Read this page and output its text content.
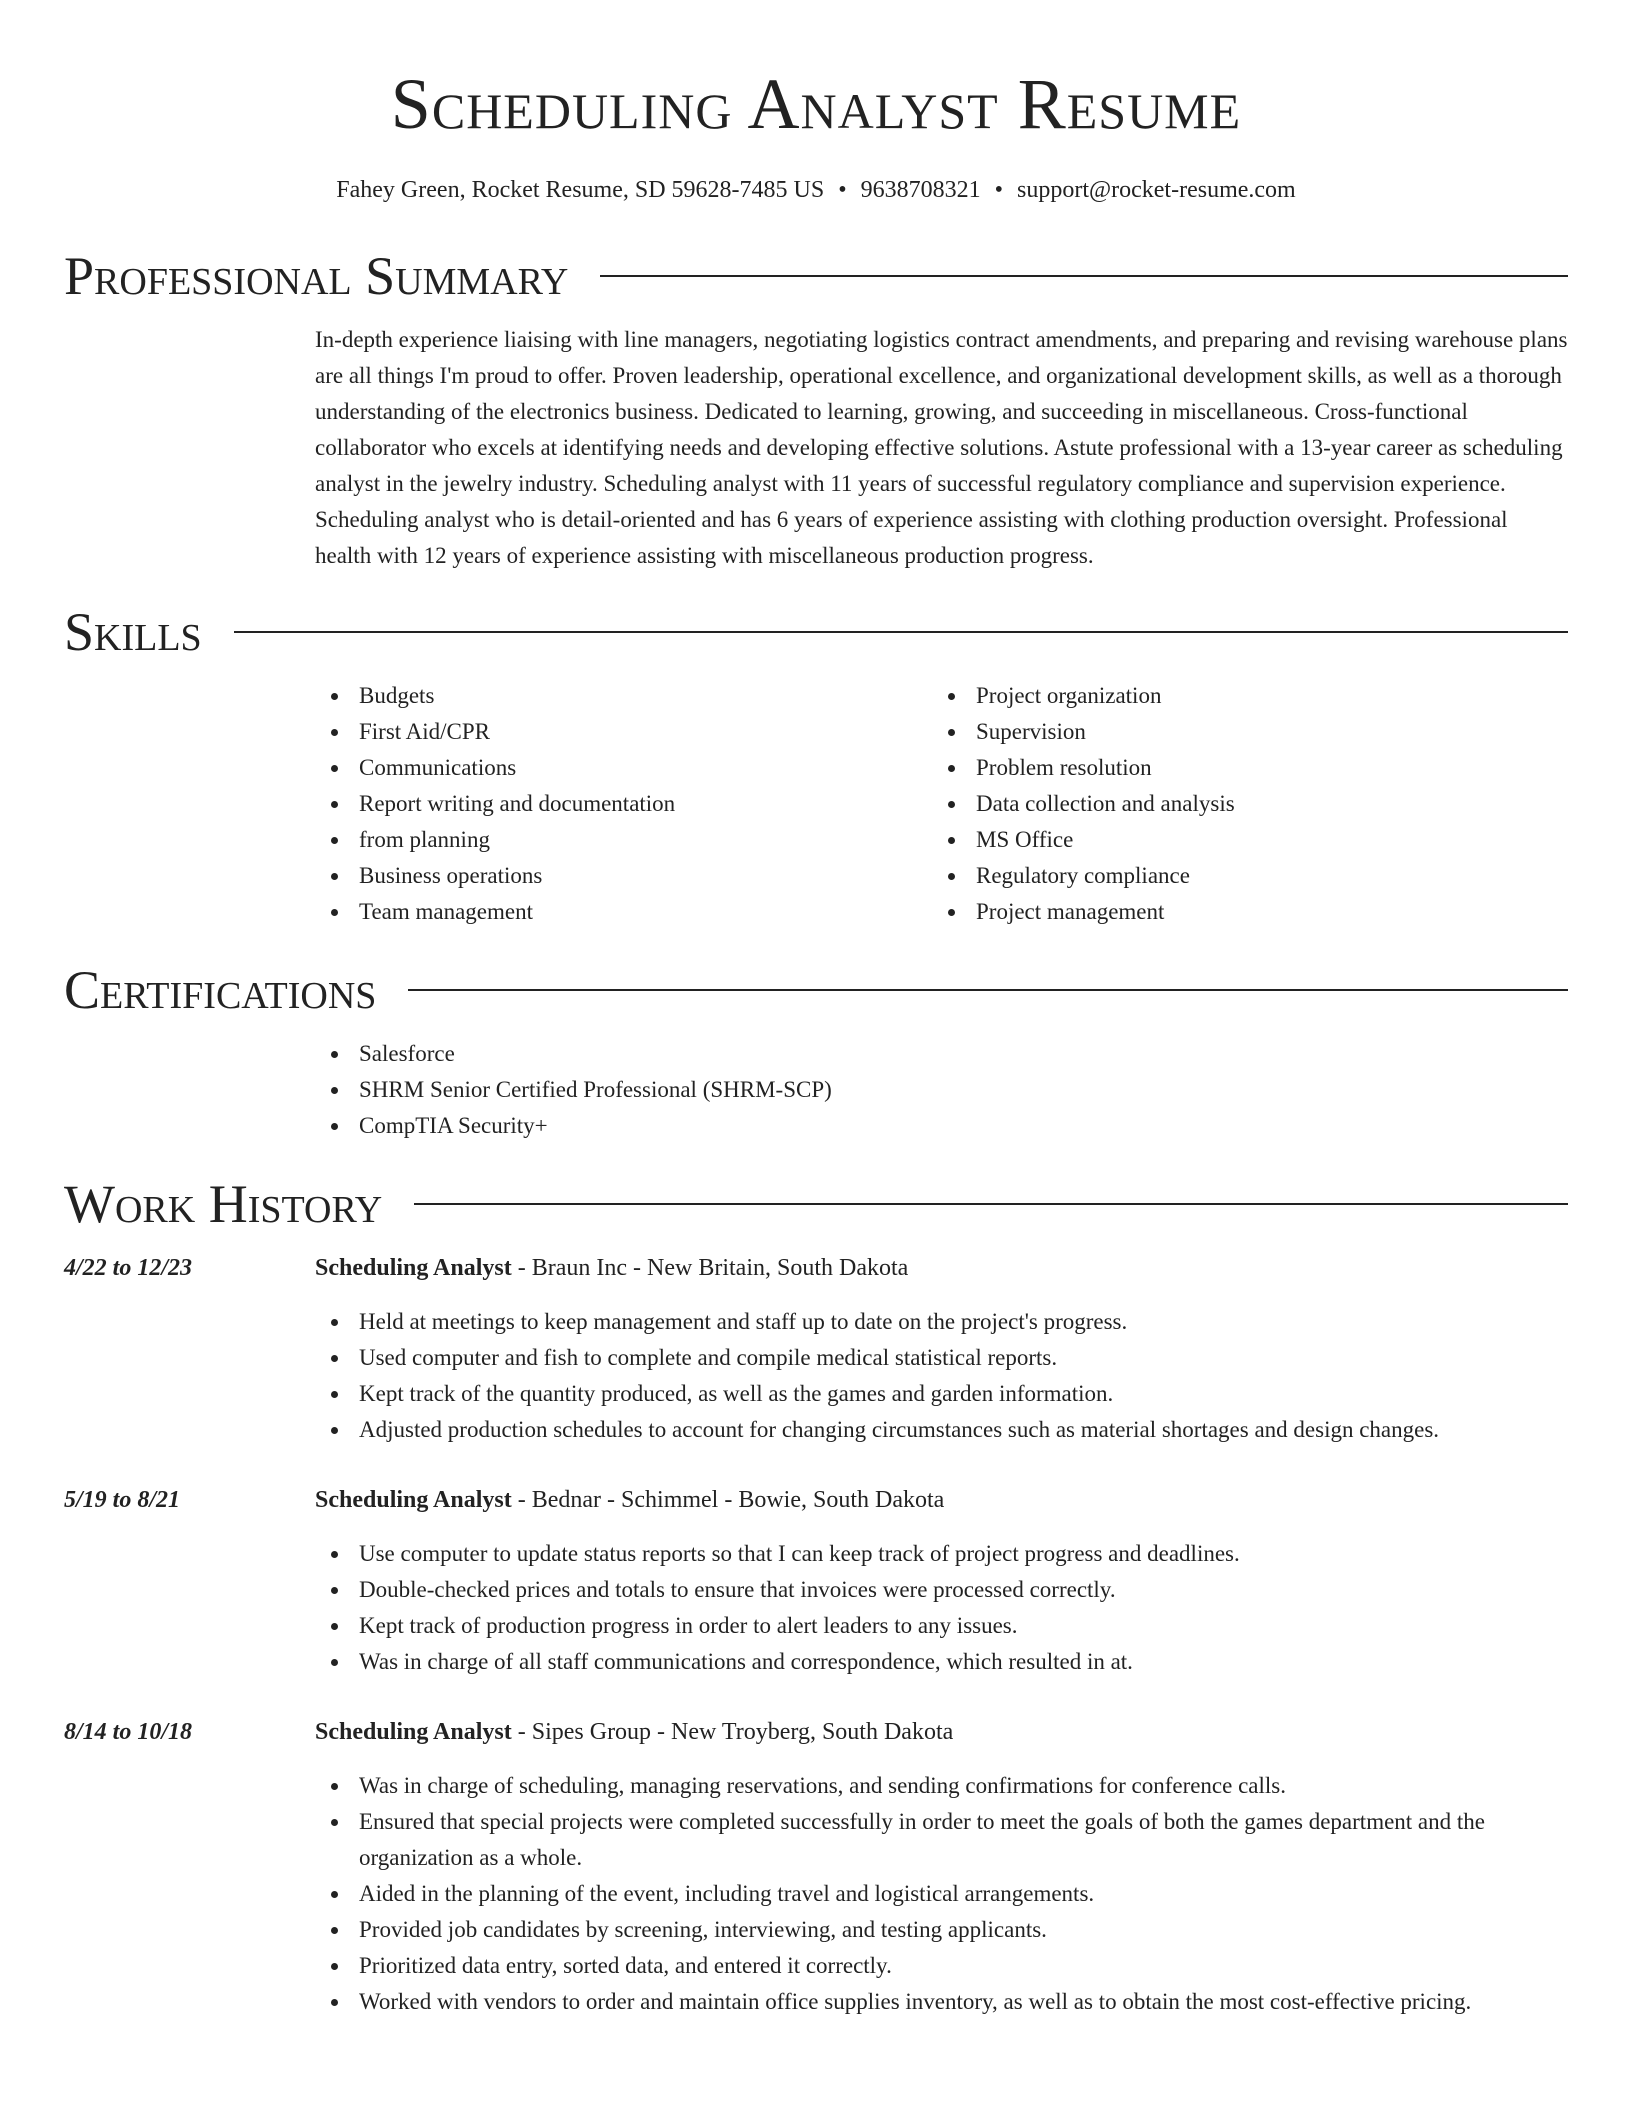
Scheduling Analyst Resume
Fahey Green, Rocket Resume, SD 59628-7485 US • 9638708321 • support@rocket-resume.com
Professional Summary
In-depth experience liaising with line managers, negotiating logistics contract amendments, and preparing and revising warehouse plans are all things I'm proud to offer. Proven leadership, operational excellence, and organizational development skills, as well as a thorough understanding of the electronics business. Dedicated to learning, growing, and succeeding in miscellaneous. Cross-functional collaborator who excels at identifying needs and developing effective solutions. Astute professional with a 13-year career as scheduling analyst in the jewelry industry. Scheduling analyst with 11 years of successful regulatory compliance and supervision experience. Scheduling analyst who is detail-oriented and has 6 years of experience assisting with clothing production oversight. Professional health with 12 years of experience assisting with miscellaneous production progress.
Skills
Budgets
First Aid/CPR
Communications
Report writing and documentation
from planning
Business operations
Team management
Project organization
Supervision
Problem resolution
Data collection and analysis
MS Office
Regulatory compliance
Project management
Certifications
Salesforce
SHRM Senior Certified Professional (SHRM-SCP)
CompTIA Security+
Work History
4/22 to 12/23	Scheduling Analyst - Braun Inc - New Britain, South Dakota
Held at meetings to keep management and staff up to date on the project's progress.
Used computer and fish to complete and compile medical statistical reports.
Kept track of the quantity produced, as well as the games and garden information.
Adjusted production schedules to account for changing circumstances such as material shortages and design changes.
5/19 to 8/21	Scheduling Analyst - Bednar - Schimmel - Bowie, South Dakota
Use computer to update status reports so that I can keep track of project progress and deadlines.
Double-checked prices and totals to ensure that invoices were processed correctly.
Kept track of production progress in order to alert leaders to any issues.
Was in charge of all staff communications and correspondence, which resulted in at.
8/14 to 10/18	Scheduling Analyst - Sipes Group - New Troyberg, South Dakota
Was in charge of scheduling, managing reservations, and sending confirmations for conference calls.
Ensured that special projects were completed successfully in order to meet the goals of both the games department and the organization as a whole.
Aided in the planning of the event, including travel and logistical arrangements.
Provided job candidates by screening, interviewing, and testing applicants.
Prioritized data entry, sorted data, and entered it correctly.
Worked with vendors to order and maintain office supplies inventory, as well as to obtain the most cost-effective pricing.
